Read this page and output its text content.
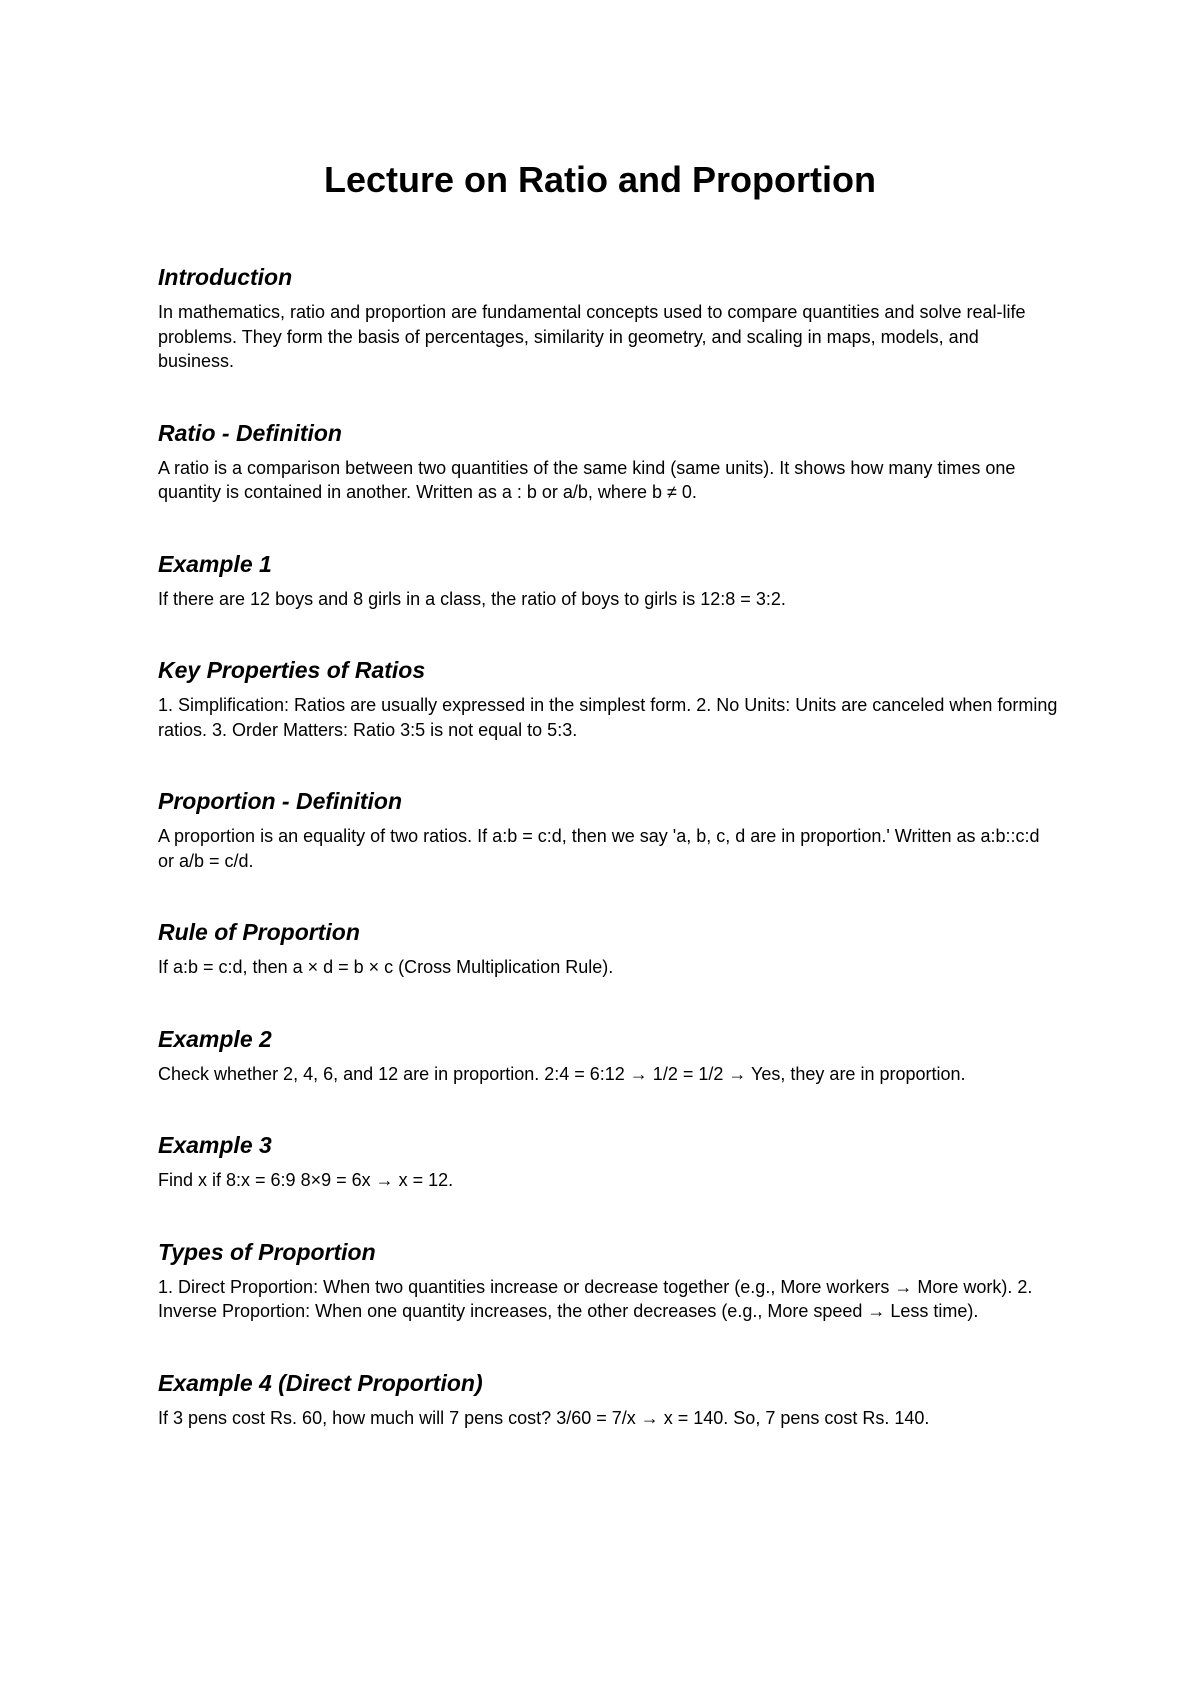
Lecture on Ratio and Proportion
Introduction

In mathematics, ratio and proportion are fundamental concepts used to compare quantities and solve real-life problems. They form the basis of percentages, similarity in geometry, and scaling in maps, models, and business.

Ratio - Definition

A ratio is a comparison between two quantities of the same kind (same units). It shows how many times one quantity is contained in another. Written as a : b or a/b, where b ≠ 0.

Example 1

If there are 12 boys and 8 girls in a class, the ratio of boys to girls is 12:8 = 3:2.

Key Properties of Ratios

1. Simplification: Ratios are usually expressed in the simplest form. 2. No Units: Units are canceled when forming ratios. 3. Order Matters: Ratio 3:5 is not equal to 5:3.

Proportion - Definition

A proportion is an equality of two ratios. If a:b = c:d, then we say 'a, b, c, d are in proportion.' Written as a:b::c:d or a/b = c/d.

Rule of Proportion

If a:b = c:d, then a × d = b × c (Cross Multiplication Rule).

Example 2

Check whether 2, 4, 6, and 12 are in proportion. 2:4 = 6:12 → 1/2 = 1/2 → Yes, they are in proportion.

Example 3

Find x if 8:x = 6:9 8×9 = 6x → x = 12.

Types of Proportion

1. Direct Proportion: When two quantities increase or decrease together (e.g., More workers → More work). 2. Inverse Proportion: When one quantity increases, the other decreases (e.g., More speed → Less time).

Example 4 (Direct Proportion)

If 3 pens cost Rs. 60, how much will 7 pens cost? 3/60 = 7/x → x = 140. So, 7 pens cost Rs. 140.
